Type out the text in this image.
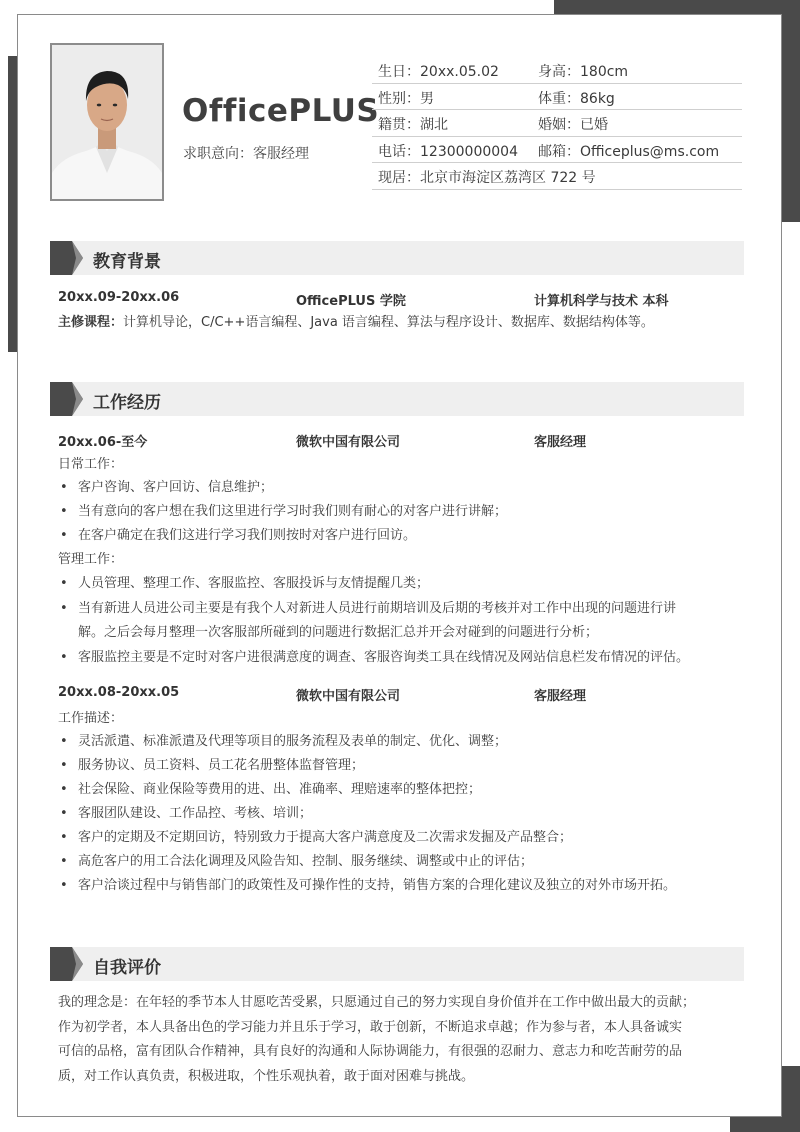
OfficePLUS
求职意向：客服经理
生日：20xx.05.02	身高：180cm
性别：男	体重：86kg
籍贯：湖北	婚姻：已婚
电话：12300000004 邮箱：Officeplus@ms.com
现居：北京市海淀区荔湾区 722 号
教育背景
20xx.09-20xx.06	OfficePLUS 学院	计算机科学与技术 本科
主修课程：计算机导论，C/C++语言编程、Java 语言编程、算法与程序设计、数据库、数据结构体等。
工作经历
20xx.06-至今	微软中国有限公司	客服经理
日常工作：
• 客户咨询、客户回访、信息维护；
• 当有意向的客户想在我们这里进行学习时我们则有耐心的对客户进行讲解；
• 在客户确定在我们这进行学习我们则按时对客户进行回访。
管理工作：
• 人员管理、整理工作、客服监控、客服投诉与友情提醒几类；
• 当有新进人员进公司主要是有我个人对新进人员进行前期培训及后期的考核并对工作中出现的问题进行讲
解。之后会每月整理一次客服部所碰到的问题进行数据汇总并开会对碰到的问题进行分析；
• 客服监控主要是不定时对客户进很满意度的调查、客服咨询类工具在线情况及网站信息栏发布情况的评估。
20xx.08-20xx.05	微软中国有限公司	客服经理
工作描述：
• 灵活派遣、标准派遣及代理等项目的服务流程及表单的制定、优化、调整；
• 服务协议、员工资料、员工花名册整体监督管理；
• 社会保险、商业保险等费用的进、出、准确率、理赔速率的整体把控；
• 客服团队建设、工作品控、考核、培训；
• 客户的定期及不定期回访，特别致力于提高大客户满意度及二次需求发掘及产品整合；
• 高危客户的用工合法化调理及风险告知、控制、服务继续、调整或中止的评估；
• 客户洽谈过程中与销售部门的政策性及可操作性的支持，销售方案的合理化建议及独立的对外市场开拓。
自我评价

我的理念是：在年轻的季节本人甘愿吃苦受累，只愿通过自己的努力实现自身价值并在工作中做出最大的贡献；

作为初学者，本人具备出色的学习能力并且乐于学习，敢于创新，不断追求卓越；作为参与者，本人具备诚实

可信的品格，富有团队合作精神，具有良好的沟通和人际协调能力，有很强的忍耐力、意志力和吃苦耐劳的品

质，对工作认真负责，积极进取，个性乐观执着，敢于面对困难与挑战。
